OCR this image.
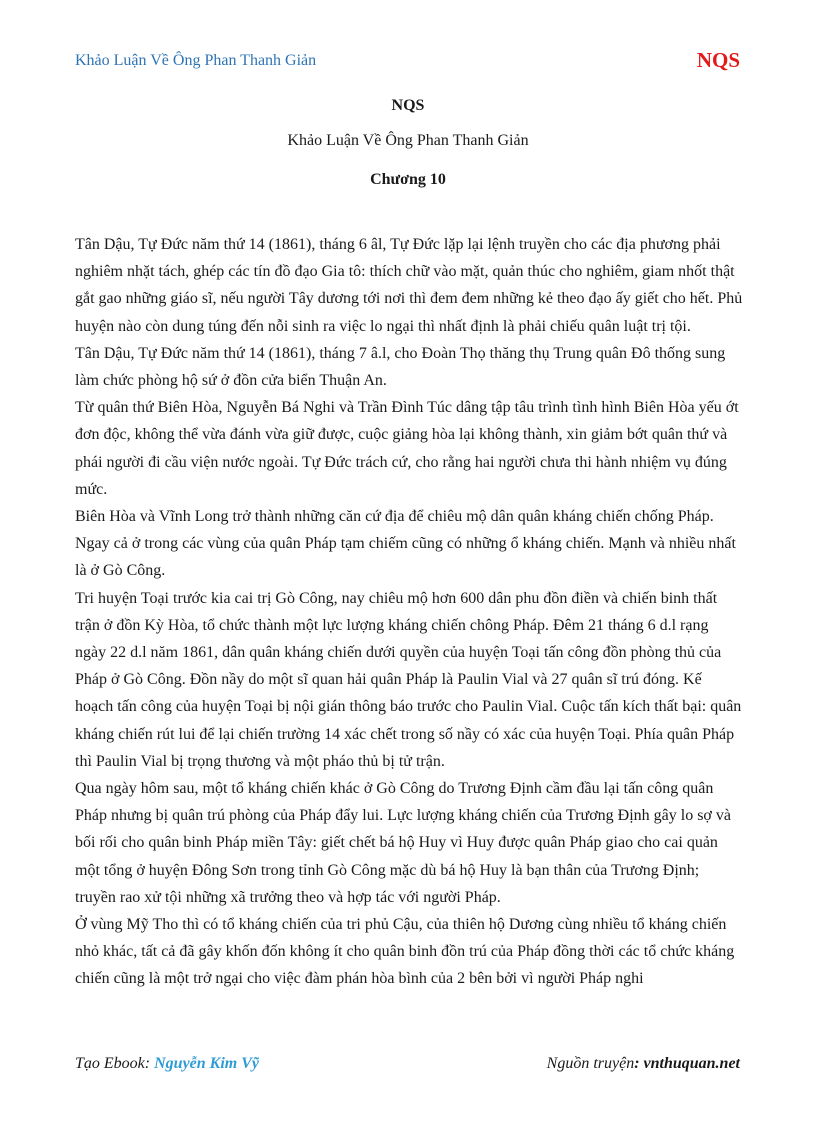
Khảo Luận Về Ông Phan Thanh Giản	NQS
NQS
Khảo Luận Về Ông Phan Thanh Giản
Chương 10

Tân Dậu, Tự Đức năm thứ 14 (1861), tháng 6 âl, Tự Đức lặp lại lệnh truyền cho các địa phương phải nghiêm nhặt tách, ghép các tín đồ đạo Gia tô: thích chữ vào mặt, quản thúc cho nghiêm, giam nhốt thật gắt gao những giáo sĩ, nếu người Tây dương tới nơi thì đem đem những kẻ theo đạo ấy giết cho hết. Phủ huyện nào còn dung túng đến nỗi sinh ra việc lo ngại thì nhất định là phải chiếu quân luật trị tội.

Tân Dậu, Tự Đức năm thứ 14 (1861), tháng 7 â.l, cho Đoàn Thọ thăng thụ Trung quân Đô thống sung làm chức phòng hộ sứ ở đồn cửa biển Thuận An.

Từ quân thứ Biên Hòa, Nguyễn Bá Nghi và Trần Đình Túc dâng tập tâu trình tình hình Biên Hòa yếu ớt đơn độc, không thể vừa đánh vừa giữ được, cuộc giảng hòa lại không thành, xin giảm bớt quân thứ và phái người đi cầu viện nước ngoài. Tự Đức trách cứ, cho rằng hai người chưa thi hành nhiệm vụ đúng mức.

Biên Hòa và Vĩnh Long trở thành những căn cứ địa để chiêu mộ dân quân kháng chiến chống Pháp. Ngay cả ở trong các vùng của quân Pháp tạm chiếm cũng có những ổ kháng chiến. Mạnh và nhiều nhất là ở Gò Công.

Tri huyện Toại trước kia cai trị Gò Công, nay chiêu mộ hơn 600 dân phu đồn điền và chiến binh thất trận ở đồn Kỳ Hòa, tổ chức thành một lực lượng kháng chiến chông Pháp. Đêm 21 tháng 6 d.l rạng ngày 22 d.l năm 1861, dân quân kháng chiến dưới quyền của huyện Toại tấn công đồn phòng thủ của Pháp ở Gò Công. Đồn nầy do một sĩ quan hải quân Pháp là Paulin Vial và 27 quân sĩ trú đóng. Kế hoạch tấn công của huyện Toại bị nội gián thông báo trước cho Paulin Vial. Cuộc tấn kích thất bại: quân kháng chiến rút lui để lại chiến trường 14 xác chết trong số nầy có xác của huyện Toại. Phía quân Pháp thì Paulin Vial bị trọng thương và một pháo thủ bị tử trận.

Qua ngày hôm sau, một tổ kháng chiến khác ở Gò Công do Trương Định cầm đầu lại tấn công quân Pháp nhưng bị quân trú phòng của Pháp đẩy lui. Lực lượng kháng chiến của Trương Định gây lo sợ và bối rối cho quân binh Pháp miền Tây: giết chết bá hộ Huy vì Huy được quân Pháp giao cho cai quản một tổng ở huyện Đông Sơn trong tỉnh Gò Công mặc dù bá hộ Huy là bạn thân của Trương Định; truyền rao xử tội những xã trưởng theo và hợp tác với người Pháp.

Ở vùng Mỹ Tho thì có tổ kháng chiến của tri phủ Cậu, của thiên hộ Dương cùng nhiều tổ kháng chiến nhỏ khác, tất cả đã gây khốn đốn không ít cho quân binh đồn trú của Pháp đồng thời các tổ chức kháng chiến cũng là một trở ngại cho việc đàm phán hòa bình của 2 bên bởi vì người Pháp nghi

Tạo Ebook: Nguyễn Kim Vỹ	Nguồn truyện: vnthuquan.net
